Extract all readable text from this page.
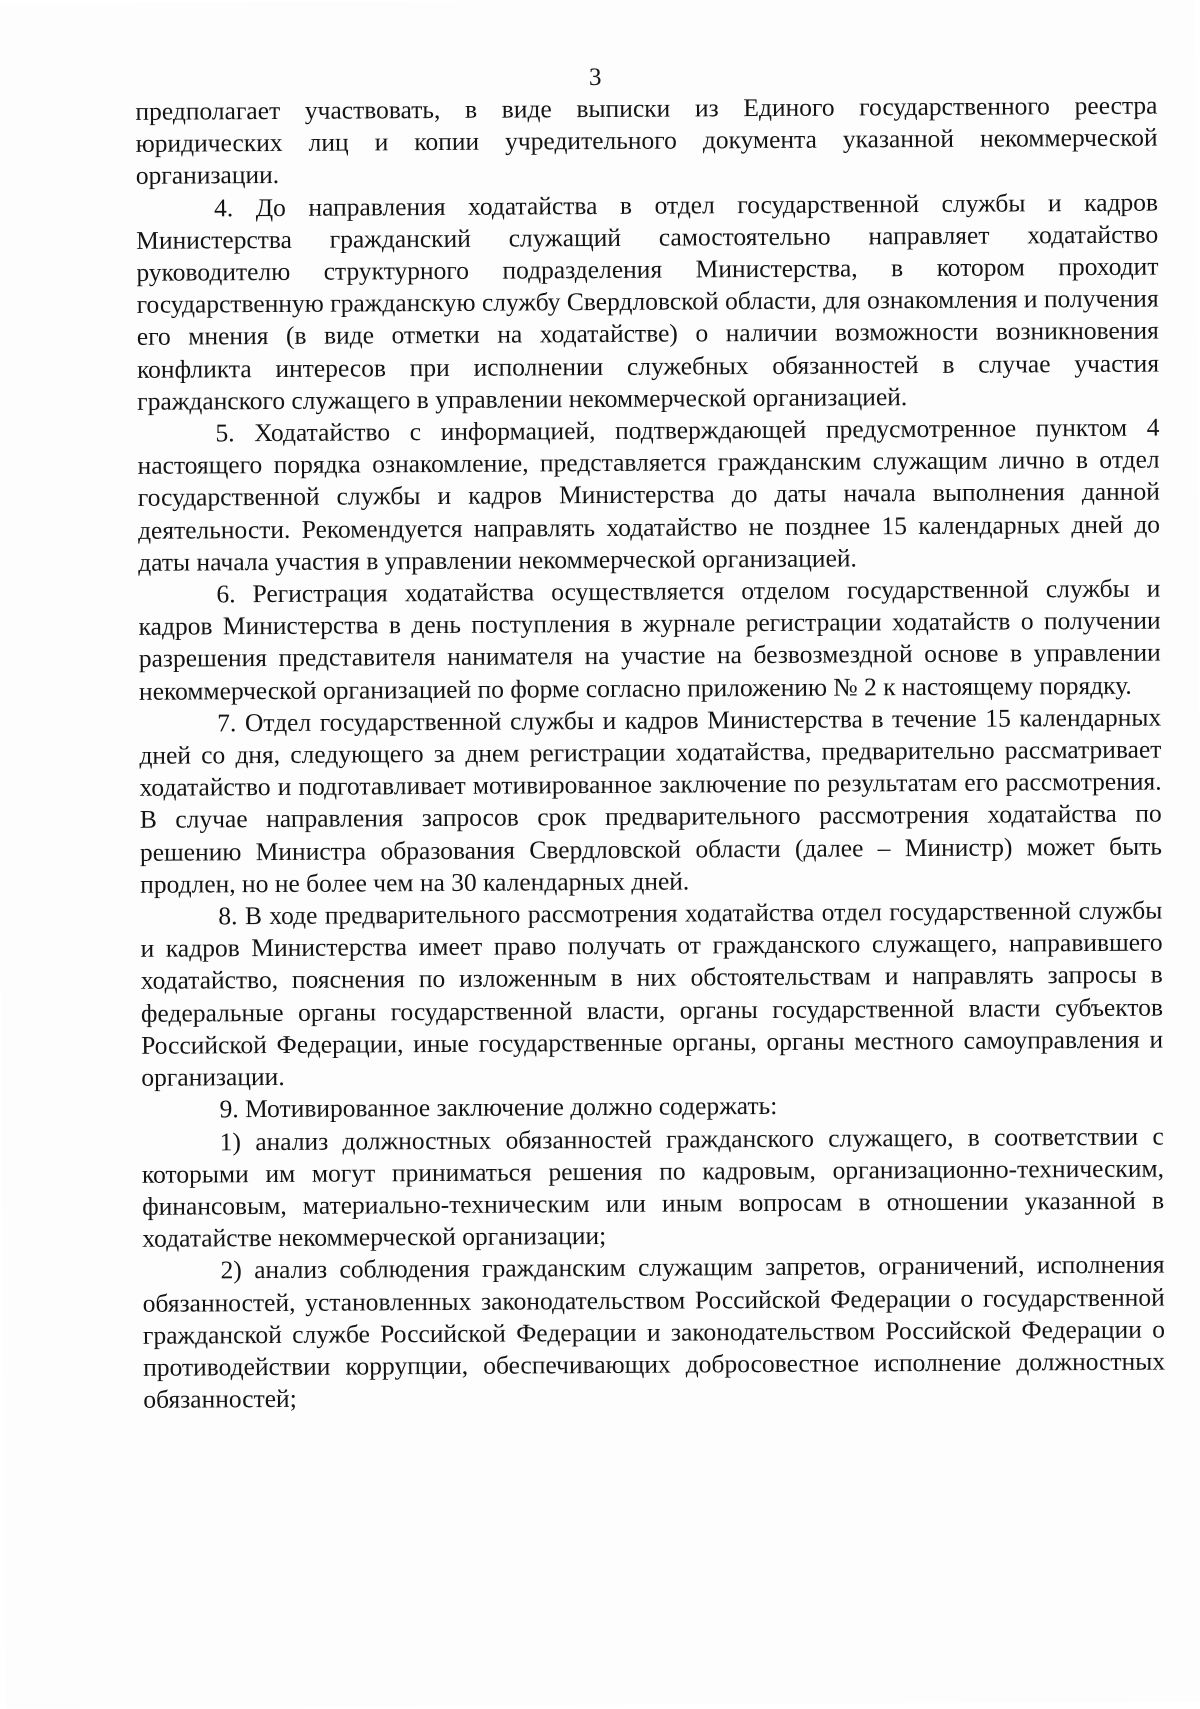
3

предполагает участвовать, в виде выписки из Единого государственного реестра юридических лиц и копии учредительного документа указанной некоммерческой организации.

4. До направления ходатайства в отдел государственной службы и кадров Министерства гражданский служащий самостоятельно направляет ходатайство руководителю структурного подразделения Министерства, в котором проходит государственную гражданскую службу Свердловской области, для ознакомления и получения его мнения (в виде отметки на ходатайстве) о наличии возможности возникновения конфликта интересов при исполнении служебных обязанностей в случае участия гражданского служащего в управлении некоммерческой организацией.

5. Ходатайство с информацией, подтверждающей предусмотренное пунктом 4 настоящего порядка ознакомление, представляется гражданским служащим лично в отдел государственной службы и кадров Министерства до даты начала выполнения данной деятельности. Рекомендуется направлять ходатайство не позднее 15 календарных дней до даты начала участия в управлении некоммерческой организацией.

6. Регистрация ходатайства осуществляется отделом государственной службы и кадров Министерства в день поступления в журнале регистрации ходатайств о получении разрешения представителя нанимателя на участие на безвозмездной основе в управлении некоммерческой организацией по форме согласно приложению № 2 к настоящему порядку.

7. Отдел государственной службы и кадров Министерства в течение 15 календарных дней со дня, следующего за днем регистрации ходатайства, предварительно рассматривает ходатайство и подготавливает мотивированное заключение по результатам его рассмотрения. В случае направления запросов срок предварительного рассмотрения ходатайства по решению Министра образования Свердловской области (далее – Министр) может быть продлен, но не более чем на 30 календарных дней.

8. В ходе предварительного рассмотрения ходатайства отдел государственной службы и кадров Министерства имеет право получать от гражданского служащего, направившего ходатайство, пояснения по изложенным в них обстоятельствам и направлять запросы в федеральные органы государственной власти, органы государственной власти субъектов Российской Федерации, иные государственные органы, органы местного самоуправления и организации.

9. Мотивированное заключение должно содержать:

1) анализ должностных обязанностей гражданского служащего, в соответствии с которыми им могут приниматься решения по кадровым, организационно-техническим, финансовым, материально-техническим или иным вопросам в отношении указанной в ходатайстве некоммерческой организации;

2) анализ соблюдения гражданским служащим запретов, ограничений, исполнения обязанностей, установленных законодательством Российской Федерации о государственной гражданской службе Российской Федерации и законодательством Российской Федерации о противодействии коррупции, обеспечивающих добросовестное исполнение должностных обязанностей;
